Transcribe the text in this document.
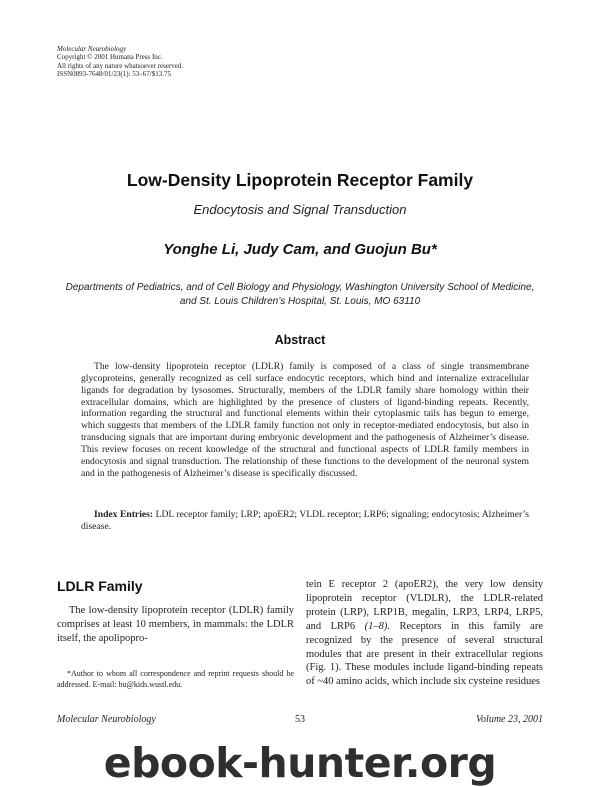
Molecular Neurobiology
Copyright © 2001 Humana Press Inc.
All rights of any nature whatsoever reserved.
ISSN0893-7648/01/23(1): 53–67/$13.75
Low-Density Lipoprotein Receptor Family
Endocytosis and Signal Transduction
Yonghe Li, Judy Cam, and Guojun Bu*
Departments of Pediatrics, and of Cell Biology and Physiology, Washington University School of Medicine, and St. Louis Children’s Hospital, St. Louis, MO 63110
Abstract
The low-density lipoprotein receptor (LDLR) family is composed of a class of single transmembrane glycoproteins, generally recognized as cell surface endocytic receptors, which bind and internalize extracellular ligands for degradation by lysosomes. Structurally, members of the LDLR family share homology within their extracellular domains, which are highlighted by the presence of clusters of ligand-binding repeats. Recently, information regarding the structural and functional elements within their cytoplasmic tails has begun to emerge, which suggests that members of the LDLR family function not only in receptor-mediated endocytosis, but also in transducing signals that are important during embryonic development and the pathogenesis of Alzheimer’s disease. This review focuses on recent knowledge of the structural and functional aspects of LDLR family members in endocytosis and signal transduction. The relationship of these functions to the development of the neuronal system and in the pathogenesis of Alzheimer’s disease is specifically discussed.
Index Entries: LDL receptor family; LRP; apoER2; VLDL receptor; LRP6; signaling; endocytosis; Alzheimer’s disease.
LDLR Family
The low-density lipoprotein receptor (LDLR) family comprises at least 10 members, in mammals: the LDLR itself, the apolipopro-
*Author to whom all correspondence and reprint requests should be addressed. E-mail: bu@kids.wustl.edu.
tein E receptor 2 (apoER2), the very low density lipoprotein receptor (VLDLR), the LDLR-related protein (LRP), LRP1B, megalin, LRP3, LRP4, LRP5, and LRP6 (1–8). Receptors in this family are recognized by the presence of several structural modules that are present in their extracellular regions (Fig. 1). These modules include ligand-binding repeats of ~40 amino acids, which include six cysteine residues
Molecular Neurobiology	53	Volume 23, 2001
ebook-hunter.org
